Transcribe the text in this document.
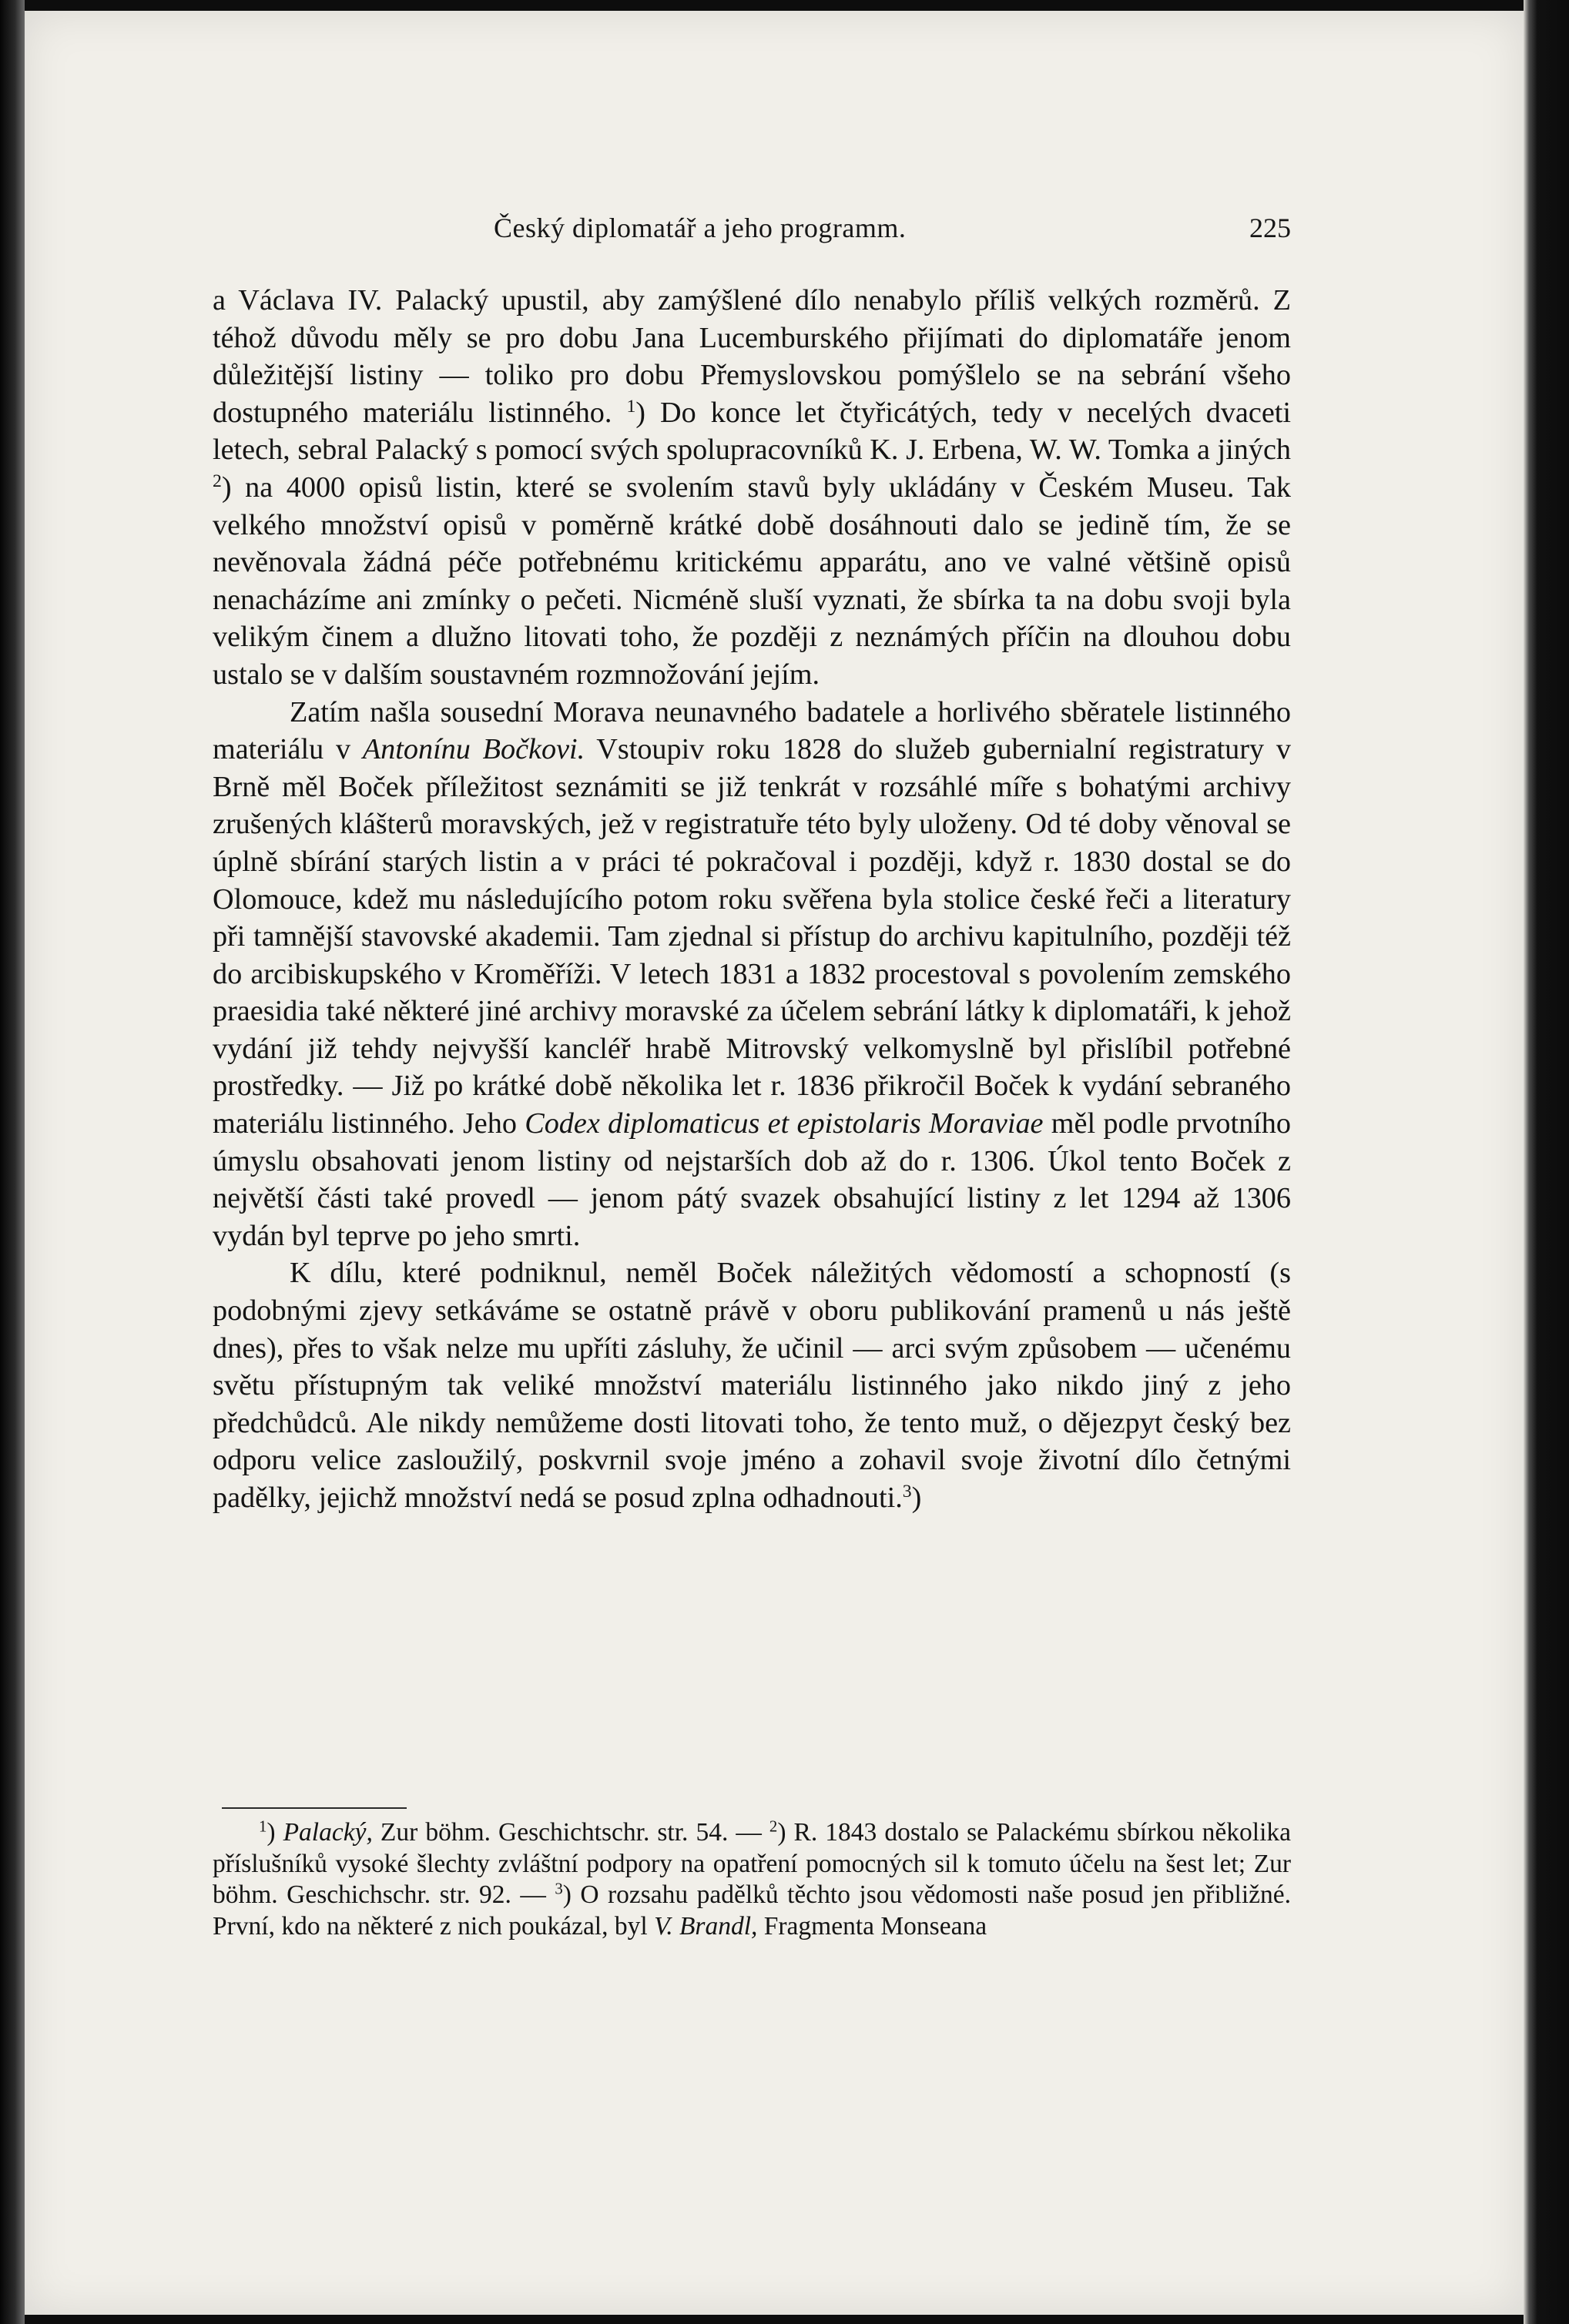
Český diplomatář a jeho programm.	225

a Václava IV. Palacký upustil, aby zamýšlené dílo nenabylo příliš velkých rozměrů. Z téhož důvodu měly se pro dobu Jana Lucemburského přijímati do diplomatáře jenom důležitější listiny — toliko pro dobu Přemyslovskou pomýšlelo se na sebrání všeho dostupného materiálu listinného. $^1$) Do konce let čtyřicátých, tedy v necelých dvaceti letech, sebral Palacký s pomocí svých spolupracovníků K. J. Erbena, W. W. Tomka a jiných $^2$) na 4000 opisů listin, které se svolením stavů byly ukládány v Českém Museu. Tak velkého množství opisů v poměrně krátké době dosáhnouti dalo se jedině tím, že se nevěnovala žádná péče potřebnému kritickému apparátu, ano ve valné většině opisů nenacházíme ani zmínky o pečeti. Nicméně sluší vyznati, že sbírka ta na dobu svoji byla velikým činem a dlužno litovati toho, že později z neznámých příčin na dlouhou dobu ustalo se v dalším soustavném rozmnožování jejím.

Zatím našla sousední Morava neunavného badatele a horlivého sběratele listinného materiálu v Antonínu Bočkovi. Vstoupiv roku 1828 do služeb gubernialní registratury v Brně měl Boček příležitost seznámiti se již tenkrát v rozsáhlé míře s bohatými archivy zrušených klášterů moravských, jež v registratuře této byly uloženy. Od té doby věnoval se úplně sbírání starých listin a v práci té pokračoval i později, když r. 1830 dostal se do Olomouce, kdež mu následujícího potom roku svěřena byla stolice české řeči a literatury při tamnější stavovské akademii. Tam zjednal si přístup do archivu kapitulního, později též do arcibiskupského v Kroměříži. V letech 1831 a 1832 procestoval s povolením zemského praesidia také některé jiné archivy moravské za účelem sebrání látky k diplomatáři, k jehož vydání již tehdy nejvyšší kancléř hrabě Mitrovský velkomyslně byl přislíbil potřebné prostředky. — Již po krátké době několika let r. 1836 přikročil Boček k vydání sebraného materiálu listinného. Jeho Codex diplomaticus et epistolaris Moraviae měl podle prvotního úmyslu obsahovati jenom listiny od nejstarších dob až do r. 1306. Úkol tento Boček z největší části také provedl — jenom pátý svazek obsahující listiny z let 1294 až 1306 vydán byl teprve po jeho smrti.

K dílu, které podniknul, neměl Boček náležitých vědomostí a schopností (s podobnými zjevy setkáváme se ostatně právě v oboru publikování pramenů u nás ještě dnes), přes to však nelze mu upříti zásluhy, že učinil — arci svým způsobem — učenému světu přístupným tak veliké množství materiálu listinného jako nikdo jiný z jeho předchůdců. Ale nikdy nemůžeme dosti litovati toho, že tento muž, o dějezpyt český bez odporu velice zasloužilý, poskvrnil svoje jméno a zohavil svoje životní dílo četnými padělky, jejichž množství nedá se posud zplna odhadnouti.$^3$)

$^1$) Palacký, Zur böhm. Geschichtschr. str. 54. — $^2$) R. 1843 dostalo se Palackému sbírkou několika příslušníků vysoké šlechty zvláštní podpory na opatření pomocných sil k tomuto účelu na šest let; Zur böhm. Geschichschr. str. 92. — $^3$) O rozsahu padělků těchto jsou vědomosti naše posud jen přibližné. První, kdo na některé z nich poukázal, byl V. Brandl, Fragmenta Monseana
